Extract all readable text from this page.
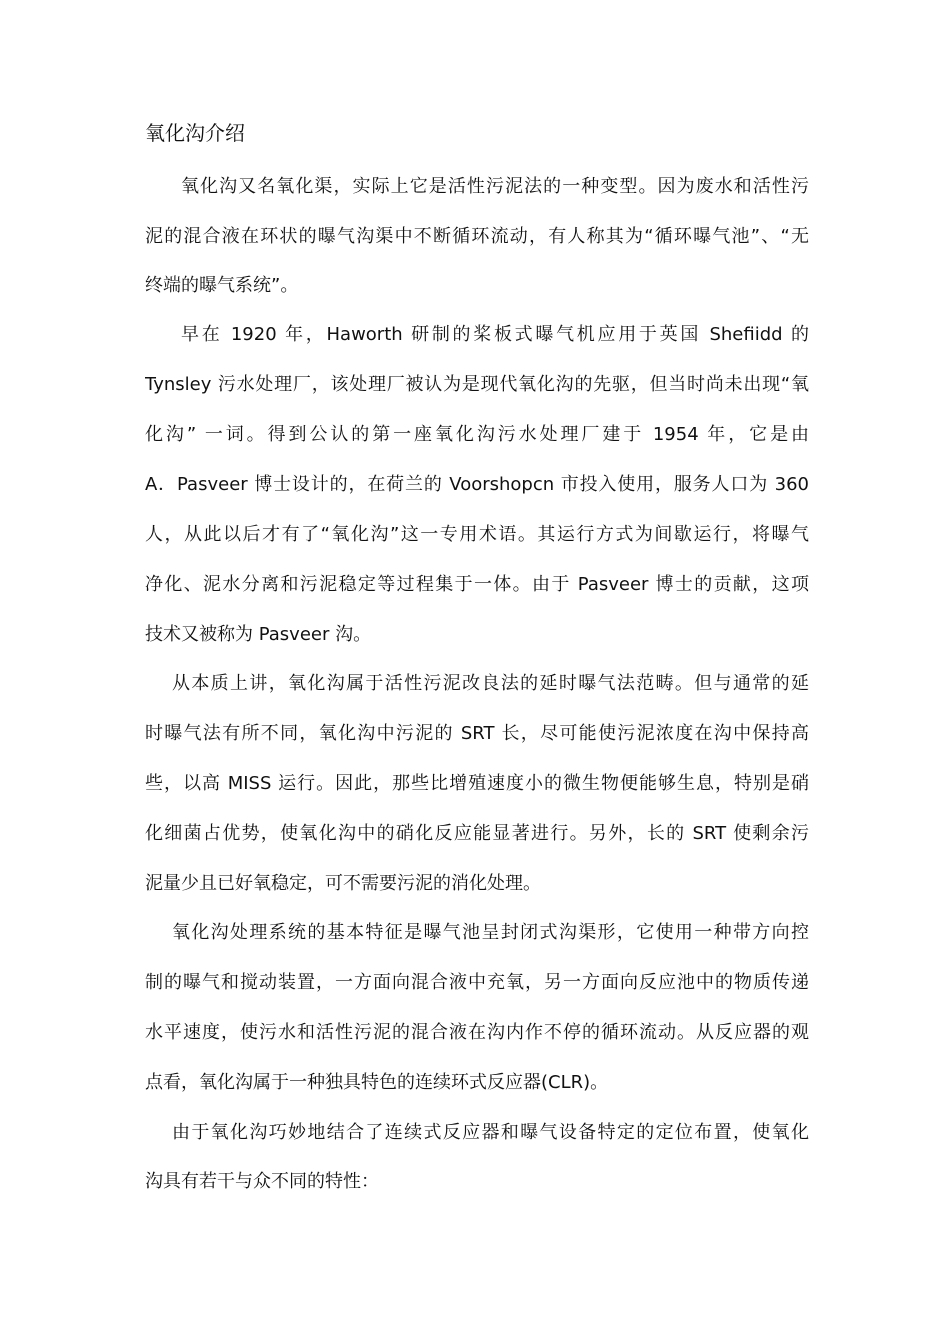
氧化沟介绍
氧化沟又名氧化渠，实际上它是活性污泥法的一种变型。因为废水和活性污
泥的混合液在环状的曝气沟渠中不断循环流动，有人称其为“循环曝气池”、“无
终端的曝气系统”。
早在 1920 年，Haworth 研制的桨板式曝气机应用于英国 Shefiidd 的
Tynsley 污水处理厂，该处理厂被认为是现代氧化沟的先驱，但当时尚未出现“氧
化沟” 一词。得到公认的第一座氧化沟污水处理厂建于 1954 年，它是由
A．Pasveer 博士设计的，在荷兰的 Voorshopcn 市投入使用，服务人口为 360
人，从此以后才有了“氧化沟”这一专用术语。其运行方式为间歇运行，将曝气
净化、泥水分离和污泥稳定等过程集于一体。由于 Pasveer 博士的贡献，这项
技术又被称为 Pasveer 沟。
从本质上讲，氧化沟属于活性污泥改良法的延时曝气法范畴。但与通常的延
时曝气法有所不同，氧化沟中污泥的 SRT 长，尽可能使污泥浓度在沟中保持高
些，以高 MISS 运行。因此，那些比增殖速度小的微生物便能够生息，特别是硝
化细菌占优势，使氧化沟中的硝化反应能显著进行。另外，长的 SRT 使剩余污
泥量少且已好氧稳定，可不需要污泥的消化处理。
氧化沟处理系统的基本特征是曝气池呈封闭式沟渠形，它使用一种带方向控
制的曝气和搅动装置，一方面向混合液中充氧，另一方面向反应池中的物质传递
水平速度，使污水和活性污泥的混合液在沟内作不停的循环流动。从反应器的观
点看，氧化沟属于一种独具特色的连续环式反应器(CLR)。
由于氧化沟巧妙地结合了连续式反应器和曝气设备特定的定位布置，使氧化
沟具有若干与众不同的特性：
